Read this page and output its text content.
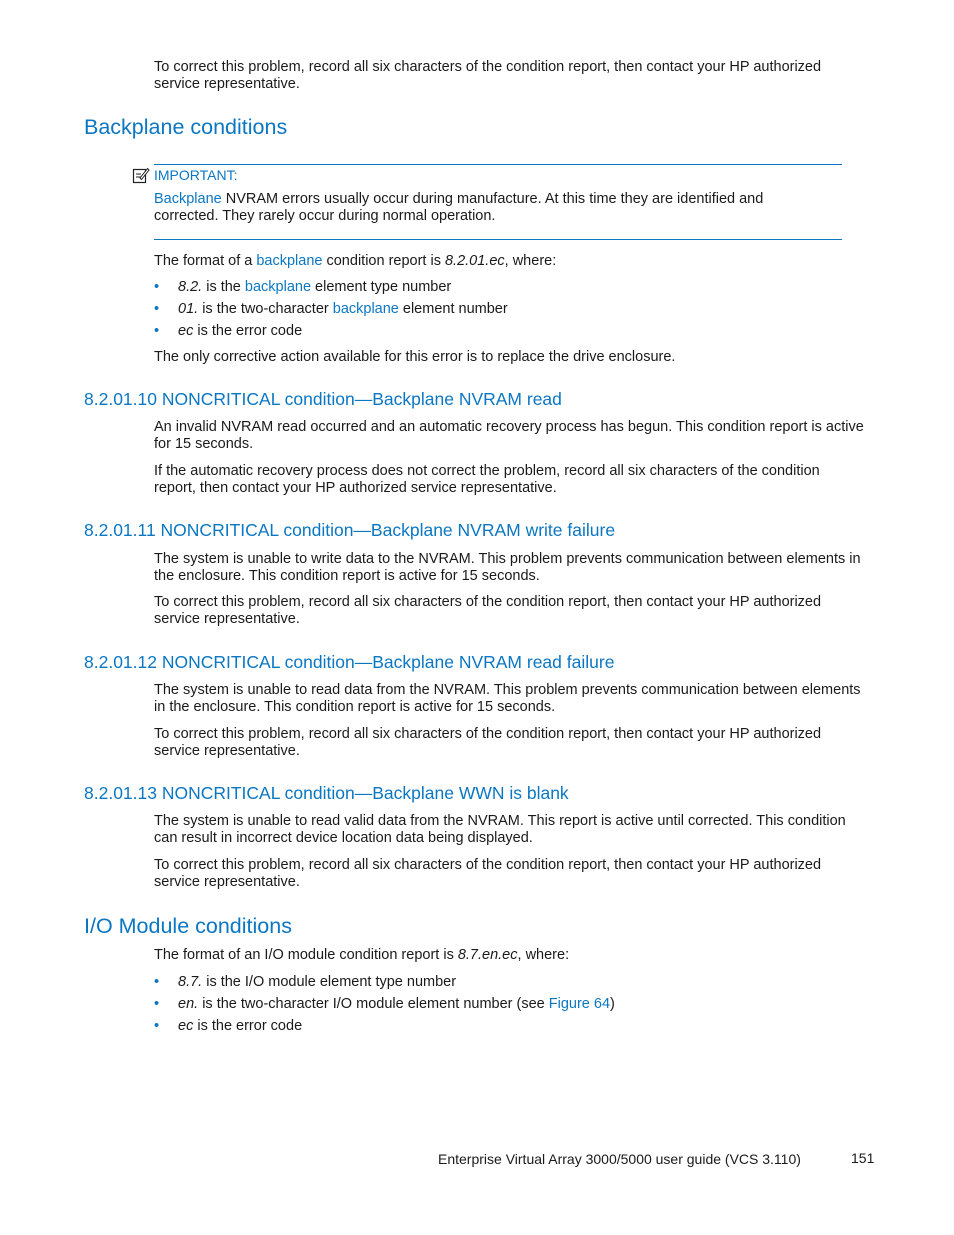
To correct this problem, record all six characters of the condition report, then contact your HP authorized service representative.

Backplane conditions
IMPORTANT:

Backplane NVRAM errors usually occur during manufacture. At this time they are identified and corrected. They rarely occur during normal operation.

The format of a backplane condition report is 8.2.01.ec, where:

• 8.2. is the backplane element type number
• 01. is the two-character backplane element number
• ec is the error code

The only corrective action available for this error is to replace the drive enclosure.

8.2.01.10 NONCRITICAL condition—Backplane NVRAM read

An invalid NVRAM read occurred and an automatic recovery process has begun. This condition report is active for 15 seconds.

If the automatic recovery process does not correct the problem, record all six characters of the condition report, then contact your HP authorized service representative.

8.2.01.11 NONCRITICAL condition—Backplane NVRAM write failure

The system is unable to write data to the NVRAM. This problem prevents communication between elements in the enclosure. This condition report is active for 15 seconds.

To correct this problem, record all six characters of the condition report, then contact your HP authorized service representative.

8.2.01.12 NONCRITICAL condition—Backplane NVRAM read failure

The system is unable to read data from the NVRAM. This problem prevents communication between elements in the enclosure. This condition report is active for 15 seconds.

To correct this problem, record all six characters of the condition report, then contact your HP authorized service representative.

8.2.01.13 NONCRITICAL condition—Backplane WWN is blank

The system is unable to read valid data from the NVRAM. This report is active until corrected. This condition can result in incorrect device location data being displayed.

To correct this problem, record all six characters of the condition report, then contact your HP authorized service representative.

I/O Module conditions

The format of an I/O module condition report is 8.7.en.ec, where:

• 8.7. is the I/O module element type number
• en. is the two-character I/O module element number (see Figure 64)
• ec is the error code
Enterprise Virtual Array 3000/5000 user guide (VCS 3.110)	151
